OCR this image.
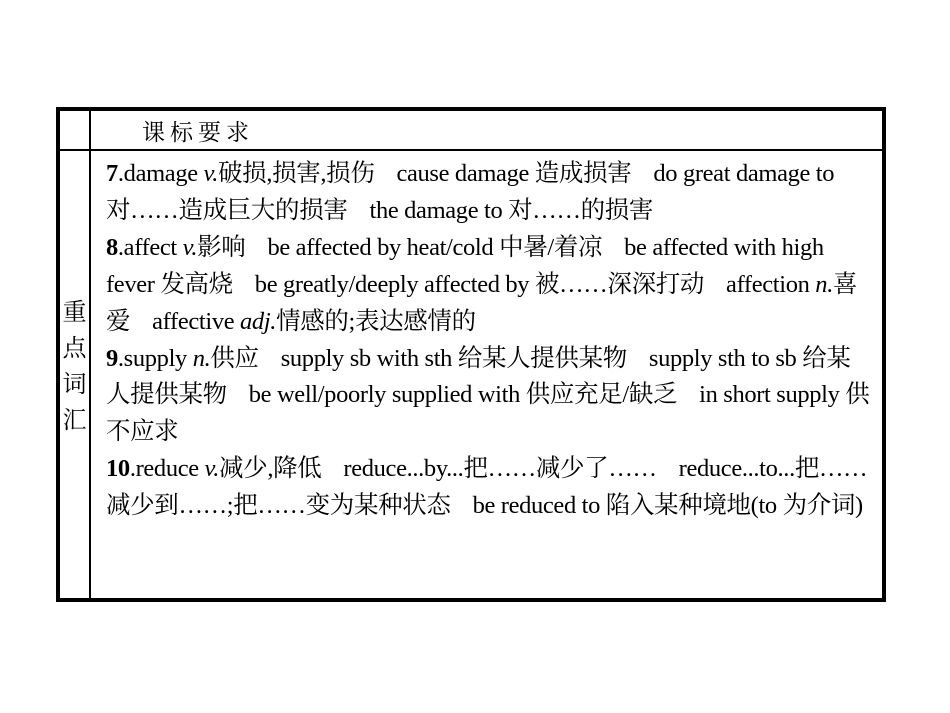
课标要求
重点词汇
7.damage v.破损,损害,损伤 cause damage 造成损害 do great damage to 对……造成巨大的损害 the damage to 对……的损害
8.affect v.影响 be affected by heat/cold 中暑/着凉 be affected with high fever 发高烧 be greatly/deeply affected by 被……深深打动 affection n.喜爱 affective adj.情感的;表达感情的
9.supply n.供应 supply sb with sth 给某人提供某物 supply sth to sb 给某人提供某物 be well/poorly supplied with 供应充足/缺乏 in short supply 供不应求
10.reduce v.减少,降低 reduce...by...把……减少了…… reduce...to...把……减少到……;把……变为某种状态 be reduced to 陷入某种境地(to 为介词)
